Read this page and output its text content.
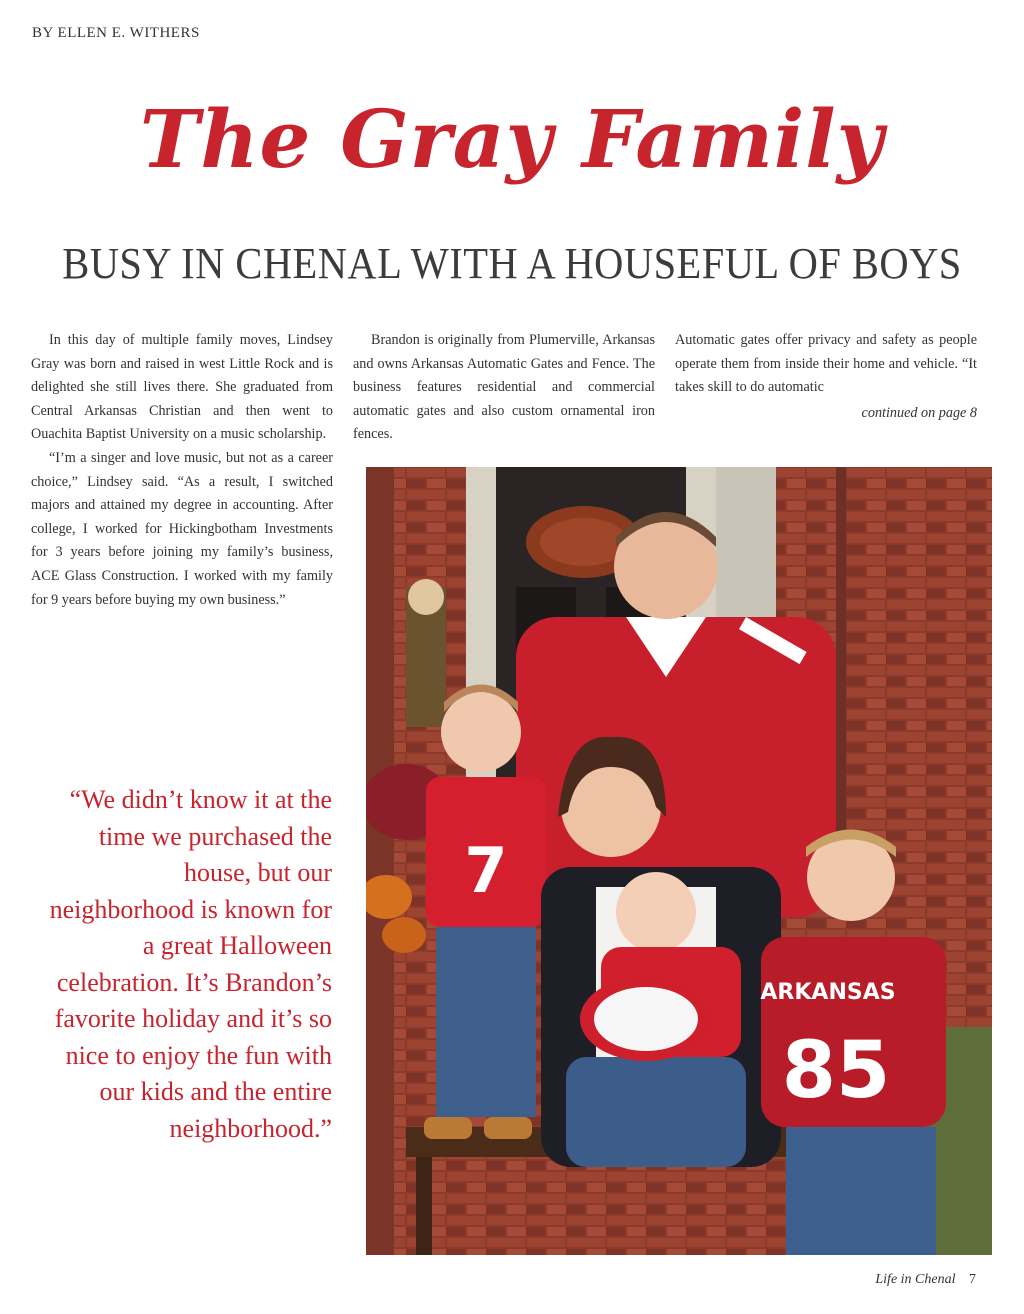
BY ELLEN E. WITHERS
The Gray Family
BUSY IN CHENAL WITH A HOUSEFUL OF BOYS

In this day of multiple family moves, Lindsey Gray was born and raised in west Little Rock and is delighted she still lives there. She graduated from Central Arkansas Christian and then went to Ouachita Baptist University on a music scholarship.

“I’m a singer and love music, but not as a career choice,” Lindsey said. “As a result, I switched majors and attained my degree in accounting. After college, I worked for Hickingbotham Investments for 3 years before joining my family’s business, ACE Glass Construction. I worked with my family for 9 years before buying my own business.”

Brandon is originally from Plumerville, Arkansas and owns Arkansas Automatic Gates and Fence. The business features residential and commercial automatic gates and also custom ornamental iron fences.

Automatic gates offer privacy and safety as people operate them from inside their home and vehicle. “It takes skill to do automatic

continued on page 8
“We didn’t know it at the time we purchased the house, but our neighborhood is known for a great Halloween celebration. It’s Brandon’s favorite holiday and it’s so nice to enjoy the fun with our kids and the entire neighborhood.”
7
ARKANSAS
85
Life in Chenal 7
